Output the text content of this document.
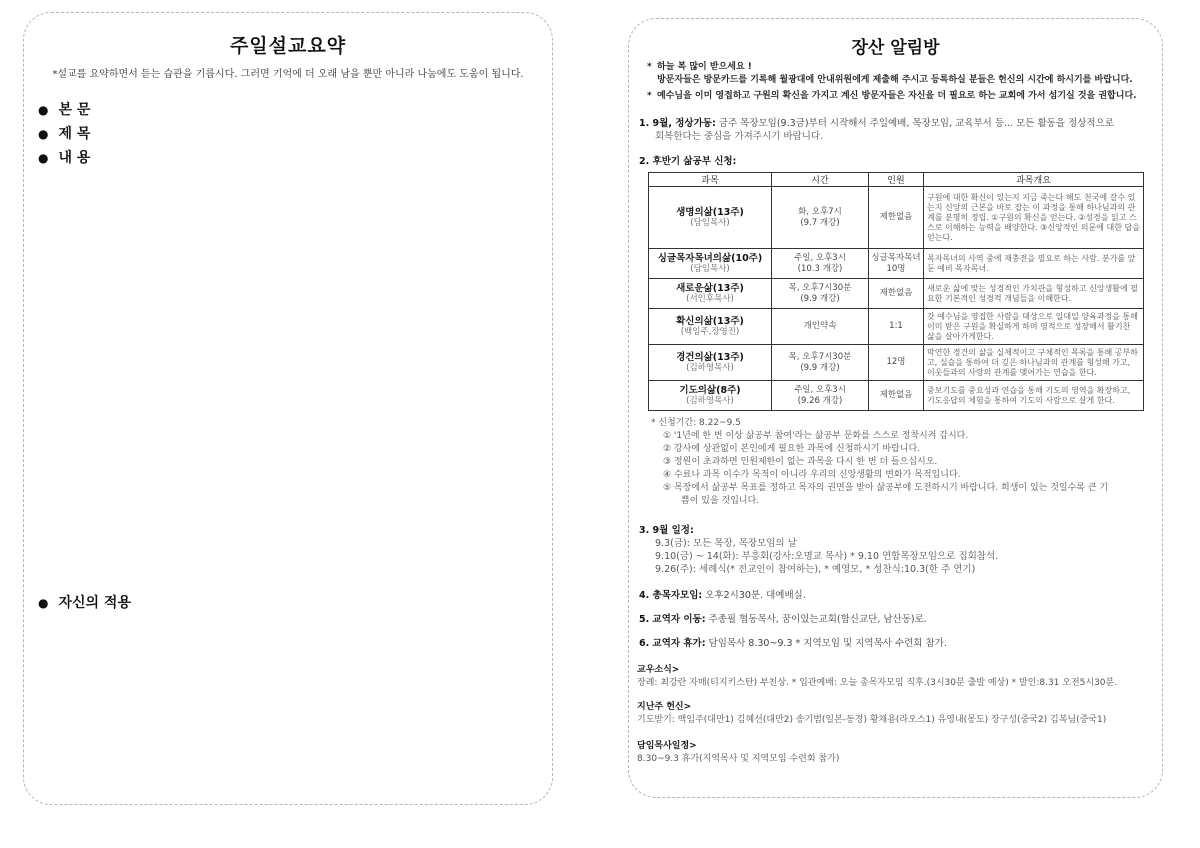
주일설교요약
*설교를 요약하면서 듣는 습관을 기릅시다. 그러면 기억에 더 오래 남을 뿐만 아니라 나눔에도 도움이 됩니다.
● 본 문
● 제 목
● 내 용
● 자신의 적용
장산 알림방
* 하늘 복 많이 받으세요 !
방문자들은 방문카드를 기록해 월광대에 안내위원에게 제출해 주시고 등록하실 분들은 헌신의 시간에 하시기를 바랍니다.
* 예수님을 이미 영접하고 구원의 확신을 가지고 계신 방문자들은 자신을 더 필요로 하는 교회에 가서 섬기실 것을 권합니다.
1. 9월, 정상가동: 금주 목장모임(9.3금)부터 시작해서 주일예배, 목장모임, 교육부서 등... 모든 활동을 정상적으로
회복한다는 중심을 가져주시기 바랍니다.
2. 후반기 삶공부 신청:
과목	시간	인원	과목개요

생명의삶(13주)
(담임목사)	화, 오후7시
(9.7 개강)	제한없음	구원에 대한 확신이 있는지 지금 죽는다 해도 천국에 갈수 있는지 신앙의 근본을 바로 잡는 이 과정을 통해 하나님과의 관계를 분명히 정립. ①구원의 확신을 얻는다. ②성경을 읽고 스스로 이해하는 능력을 배양한다. ③신앙적인 의문에 대한 답을 얻는다.

싱글목자목녀의삶(10주)
(담임목사)	주일, 오후3시
(10.3 개강)	싱글목자목녀
10명	목자목녀의 사역 중에 재충전을 필요로 하는 사람. 분가를 앞 둔 예비 목자목녀.

새로운삶(13주)
(서인후목사)	목, 오후7시30분
(9.9 개강)	제한없음	새로운 삶에 맞는 성경적인 가치관을 형성하고 신앙생활에 필요한 기본적인 성경적 개념들을 이해한다.

확신의삶(13주)
(백임주,장영진)	개인약속	1:1	갓 예수님을 영접한 사람을 대상으로 일대일 양육과정을 통해 이미 받은 구원을 확실하게 하며 영적으로 성장해서 활기찬 삶을 살아가게한다.

경건의삶(13주)
(김하영목사)	목, 오후7시30분
(9.9 개강)	12명	막연한 경건의 삶을 실제적이고 구체적인 목록을 통해 공부하고, 실습을 통하여 더 깊은 하나님과의 관계를 형성해 가고, 이웃들과의 사랑의 관계를 맺어가는 연습을 한다.

기도의삶(8주)
(김하영목사)	주일, 오후3시
(9.26 개강)	제한없음	중보기도를 중요성과 연습을 통해 기도의 영역을 확장하고, 기도응답의 체험을 통하여 기도의 사람으로 살게 한다.
* 신청기간: 8.22~9.5
① '1년에 한 번 이상 삶공부 참여'라는 삶공부 문화를 스스로 정착시켜 갑시다.
② 강사에 상관없이 본인에게 필요한 과목에 신청하시기 바랍니다.
③ 정원이 초과하면 인원제한이 없는 과목을 다시 한 번 더 들으십시오.
④ 수료나 과목 이수가 목적이 아니라 우리의 신앙생활의 변화가 목적입니다.
⑤ 목장에서 삶공부 목표를 정하고 목자의 권면을 받아 삶공부에 도전하시기 바랍니다. 희생이 있는 것일수록 큰 기
쁨이 있을 것입니다.
3. 9월 일정:
9.3(금): 모든 목장, 목장모임의 날
9.10(금) ~ 14(화): 부흥회(강사:오명교 목사) * 9.10 연합목장모임으로 집회참석.
9.26(주): 세례식(* 전교인이 참여하는), * 예영모, * 성찬식:10.3(한 주 연기)
4. 총목자모임: 오후2시30분. 대예배실.
5. 교역자 이동: 주종필 협동목사, 꿈이있는교회(합신교단, 남산동)로.
6. 교역자 휴가: 담임목사 8.30~9.3 * 지역모임 및 지역목사 수련회 참가.
교우소식>
장례: 최강란 자매(티지키스탄) 부친상. * 입관예배: 오늘 총목자모임 직후.(3시30분 출발 예상) * 발인:8.31 오전5시30분.
지난주 헌신>
기도받기: 백임주(대만1) 김혜선(대만2) 송기범(일본-동경) 황채용(라오스1) 유영내(몽도) 장구성(중국2) 김복님(중국1)
담임목사일정>
8.30~9.3 휴가(지역목사 및 지역모임 수련회 참가)
